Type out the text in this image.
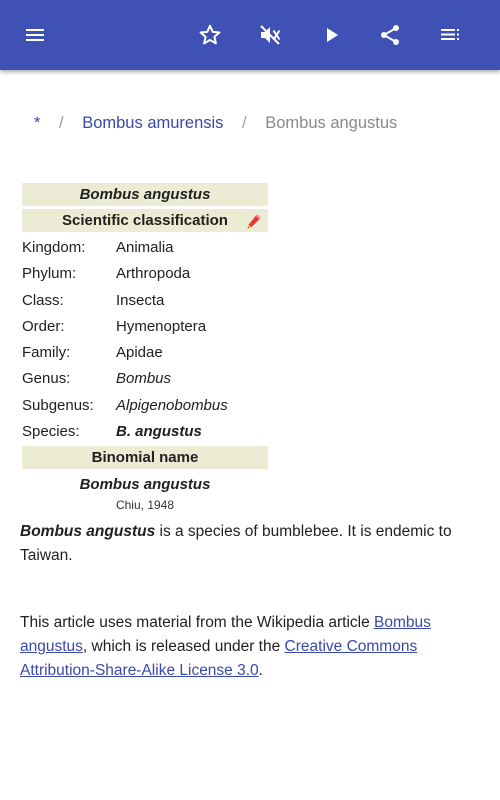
* / Bombus amurensis / Bombus angustus
Bombus angustus
Scientific classification
Kingdom: Animalia
Phylum:	Arthropoda
Class:	Insecta
Order:	Hymenoptera
Family:	Apidae
Genus:	Bombus
Subgenus: Alpigenobombus
Species: B. angustus
Binomial name
Bombus angustus
Chiu, 1948
Bombus angustus is a species of bumblebee. It is endemic to Taiwan.
This article uses material from the Wikipedia article Bombus angustus, which is released under the Creative Commons Attribution-Share-Alike License 3.0.
